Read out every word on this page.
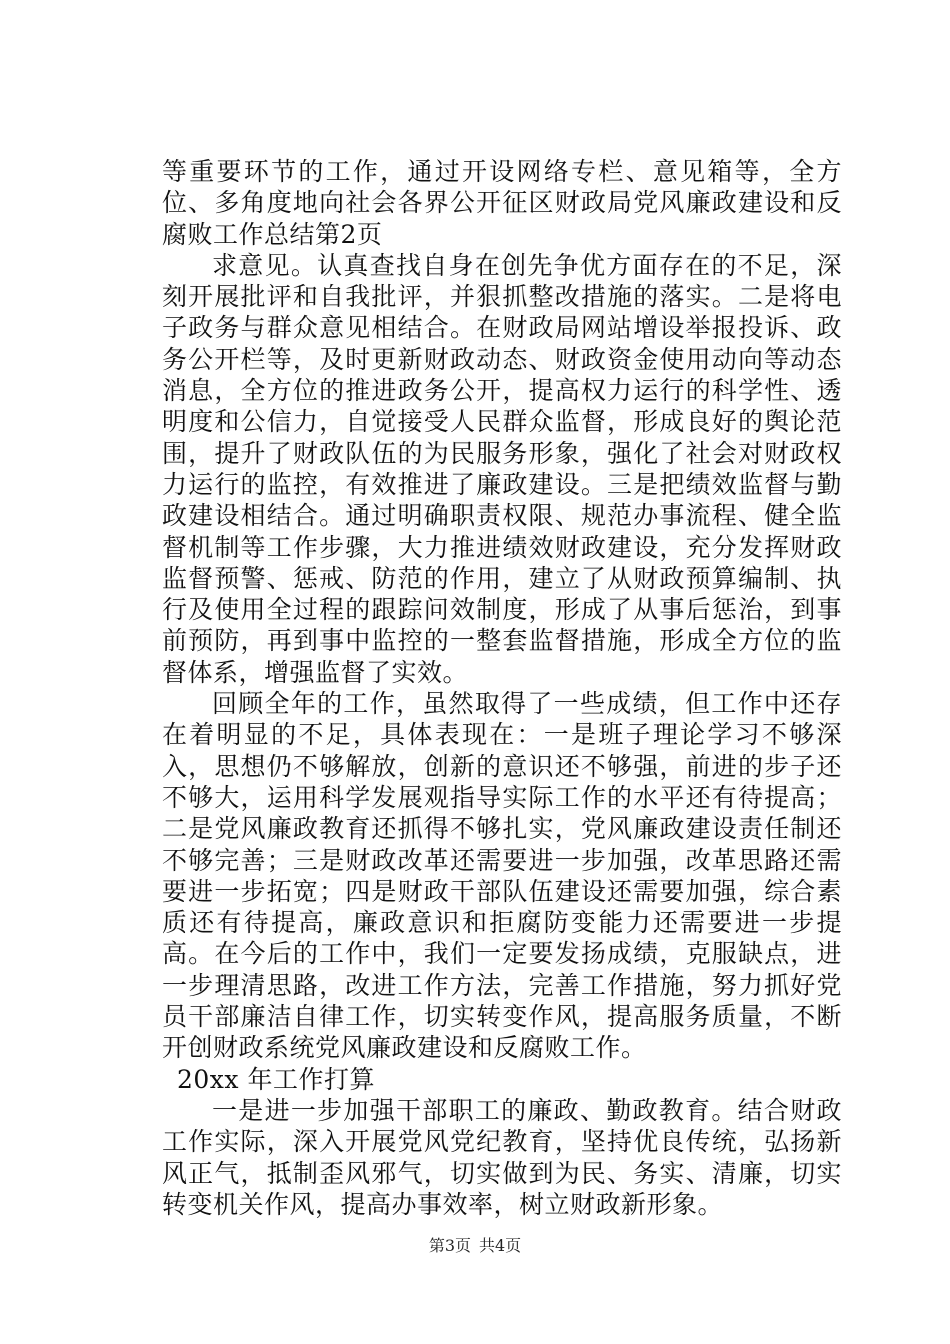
等重要环节的工作，通过开设网络专栏、意见箱等，全方位、多角度地向社会各界公开征区财政局党风廉政建设和反腐败工作总结第2页

求意见。认真查找自身在创先争优方面存在的不足，深刻开展批评和自我批评，并狠抓整改措施的落实。二是将电子政务与群众意见相结合。在财政局网站增设举报投诉、政务公开栏等，及时更新财政动态、财政资金使用动向等动态消息，全方位的推进政务公开，提高权力运行的科学性、透明度和公信力，自觉接受人民群众监督，形成良好的舆论范围，提升了财政队伍的为民服务形象，强化了社会对财政权力运行的监控，有效推进了廉政建设。三是把绩效监督与勤政建设相结合。通过明确职责权限、规范办事流程、健全监督机制等工作步骤，大力推进绩效财政建设，充分发挥财政监督预警、惩戒、防范的作用，建立了从财政预算编制、执行及使用全过程的跟踪问效制度，形成了从事后惩治，到事前预防，再到事中监控的一整套监督措施，形成全方位的监督体系，增强监督了实效。

回顾全年的工作，虽然取得了一些成绩，但工作中还存在着明显的不足，具体表现在：一是班子理论学习不够深入，思想仍不够解放，创新的意识还不够强，前进的步子还不够大，运用科学发展观指导实际工作的水平还有待提高；二是党风廉政教育还抓得不够扎实，党风廉政建设责任制还不够完善；三是财政改革还需要进一步加强，改革思路还需要进一步拓宽；四是财政干部队伍建设还需要加强，综合素质还有待提高，廉政意识和拒腐防变能力还需要进一步提高。在今后的工作中，我们一定要发扬成绩，克服缺点，进一步理清思路，改进工作方法，完善工作措施，努力抓好党员干部廉洁自律工作，切实转变作风，提高服务质量，不断开创财政系统党风廉政建设和反腐败工作。

20xx 年工作打算

一是进一步加强干部职工的廉政、勤政教育。结合财政工作实际，深入开展党风党纪教育，坚持优良传统，弘扬新风正气，抵制歪风邪气，切实做到为民、务实、清廉，切实转变机关作风，提高办事效率，树立财政新形象。

第3页 共4页
